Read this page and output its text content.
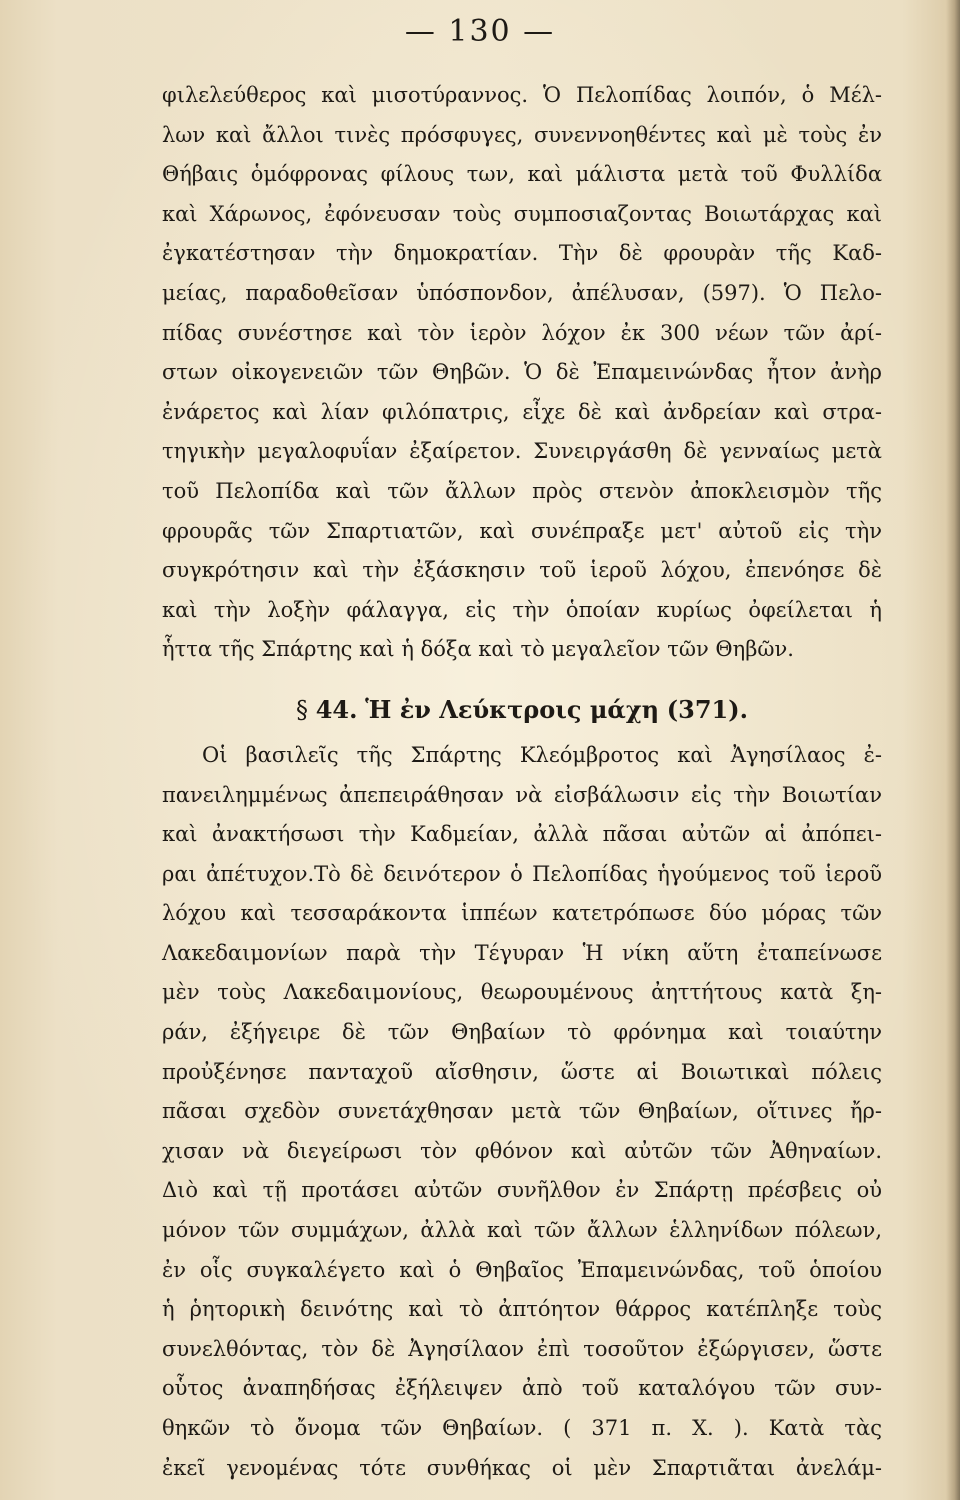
— 130 —
φιλελεύθερος καὶ μισοτύραννος. Ὁ Πελοπίδας λοιπόν, ὁ Μέλ-
λων καὶ ἄλλοι τινὲς πρόσφυγες, συνεννοηθέντες καὶ μὲ τοὺς ἐν
Θήβαις ὁμόφρονας φίλους των, καὶ μάλιστα μετὰ τοῦ Φυλλίδα
καὶ Χάρωνος, ἐφόνευσαν τοὺς συμποσιαζοντας Βοιωτάρχας καὶ
ἐγκατέστησαν τὴν δημοκρατίαν. Τὴν δὲ φρουρὰν τῆς Καδ-
μείας, παραδοθεῖσαν ὑπόσπονδον, ἀπέλυσαν, (597). Ὁ Πελο-
πίδας συνέστησε καὶ τὸν ἱερὸν λόχον ἐκ 300 νέων τῶν ἀρί-
στων οἰκογενειῶν τῶν Θηβῶν. Ὁ δὲ Ἐπαμεινώνδας ἦτον ἀνὴρ
ἐνάρετος καὶ λίαν φιλόπατρις, εἶχε δὲ καὶ ἀνδρείαν καὶ στρα-
τηγικὴν μεγαλοφυΐαν ἐξαίρετον. Συνειργάσθη δὲ γενναίως μετὰ
τοῦ Πελοπίδα καὶ τῶν ἄλλων πρὸς στενὸν ἀποκλεισμὸν τῆς
φρουρᾶς τῶν Σπαρτιατῶν, καὶ συνέπραξε μετ' αὐτοῦ εἰς τὴν
συγκρότησιν καὶ τὴν ἐξάσκησιν τοῦ ἱεροῦ λόχου, ἐπενόησε δὲ
καὶ τὴν λοξὴν φάλαγγα, εἰς τὴν ὁποίαν κυρίως ὀφείλεται ἡ
ἧττα τῆς Σπάρτης καὶ ἡ δόξα καὶ τὸ μεγαλεῖον τῶν Θηβῶν.
§ 44. Ἡ ἐν Λεύκτροις μάχη (371).
Οἱ βασιλεῖς τῆς Σπάρτης Κλεόμβροτος καὶ Ἀγησίλαος ἐ-
πανειλημμένως ἀπεπειράθησαν νὰ εἰσβάλωσιν εἰς τὴν Βοιωτίαν
καὶ ἀνακτήσωσι τὴν Καδμείαν, ἀλλὰ πᾶσαι αὐτῶν αἱ ἀπόπει-
ραι ἀπέτυχον.Τὸ δὲ δεινότερον ὁ Πελοπίδας ἡγούμενος τοῦ ἱεροῦ
λόχου καὶ τεσσαράκοντα ἱππέων κατετρόπωσε δύο μόρας τῶν
Λακεδαιμονίων παρὰ τὴν Τέγυραν Ἡ νίκη αὕτη ἐταπείνωσε
μὲν τοὺς Λακεδαιμονίους, θεωρουμένους ἀηττήτους κατὰ ξη-
ράν, ἐξήγειρε δὲ τῶν Θηβαίων τὸ φρόνημα καὶ τοιαύτην
προὐξένησε πανταχοῦ αἴσθησιν, ὥστε αἱ Βοιωτικαὶ πόλεις
πᾶσαι σχεδὸν συνετάχθησαν μετὰ τῶν Θηβαίων, οἵτινες ἤρ-
χισαν νὰ διεγείρωσι τὸν φθόνον καὶ αὐτῶν τῶν Ἀθηναίων.
Διὸ καὶ τῇ προτάσει αὐτῶν συνῆλθον ἐν Σπάρτῃ πρέσβεις οὐ
μόνον τῶν συμμάχων, ἀλλὰ καὶ τῶν ἄλλων ἑλληνίδων πόλεων,
ἐν οἷς συγκαλέγετο καὶ ὁ Θηβαῖος Ἐπαμεινώνδας, τοῦ ὁποίου
ἡ ῥητορικὴ δεινότης καὶ τὸ ἀπτόητον θάρρος κατέπληξε τοὺς
συνελθόντας, τὸν δὲ Ἀγησίλαον ἐπὶ τοσοῦτον ἐξώργισεν, ὥστε
οὗτος ἀναπηδήσας ἐξήλειψεν ἀπὸ τοῦ καταλόγου τῶν συν-
θηκῶν τὸ ὄνομα τῶν Θηβαίων. ( 371 π. Χ. ). Κατὰ τὰς
ἐκεῖ γενομένας τότε συνθήκας οἱ μὲν Σπαρτιᾶται ἀνελάμ-
